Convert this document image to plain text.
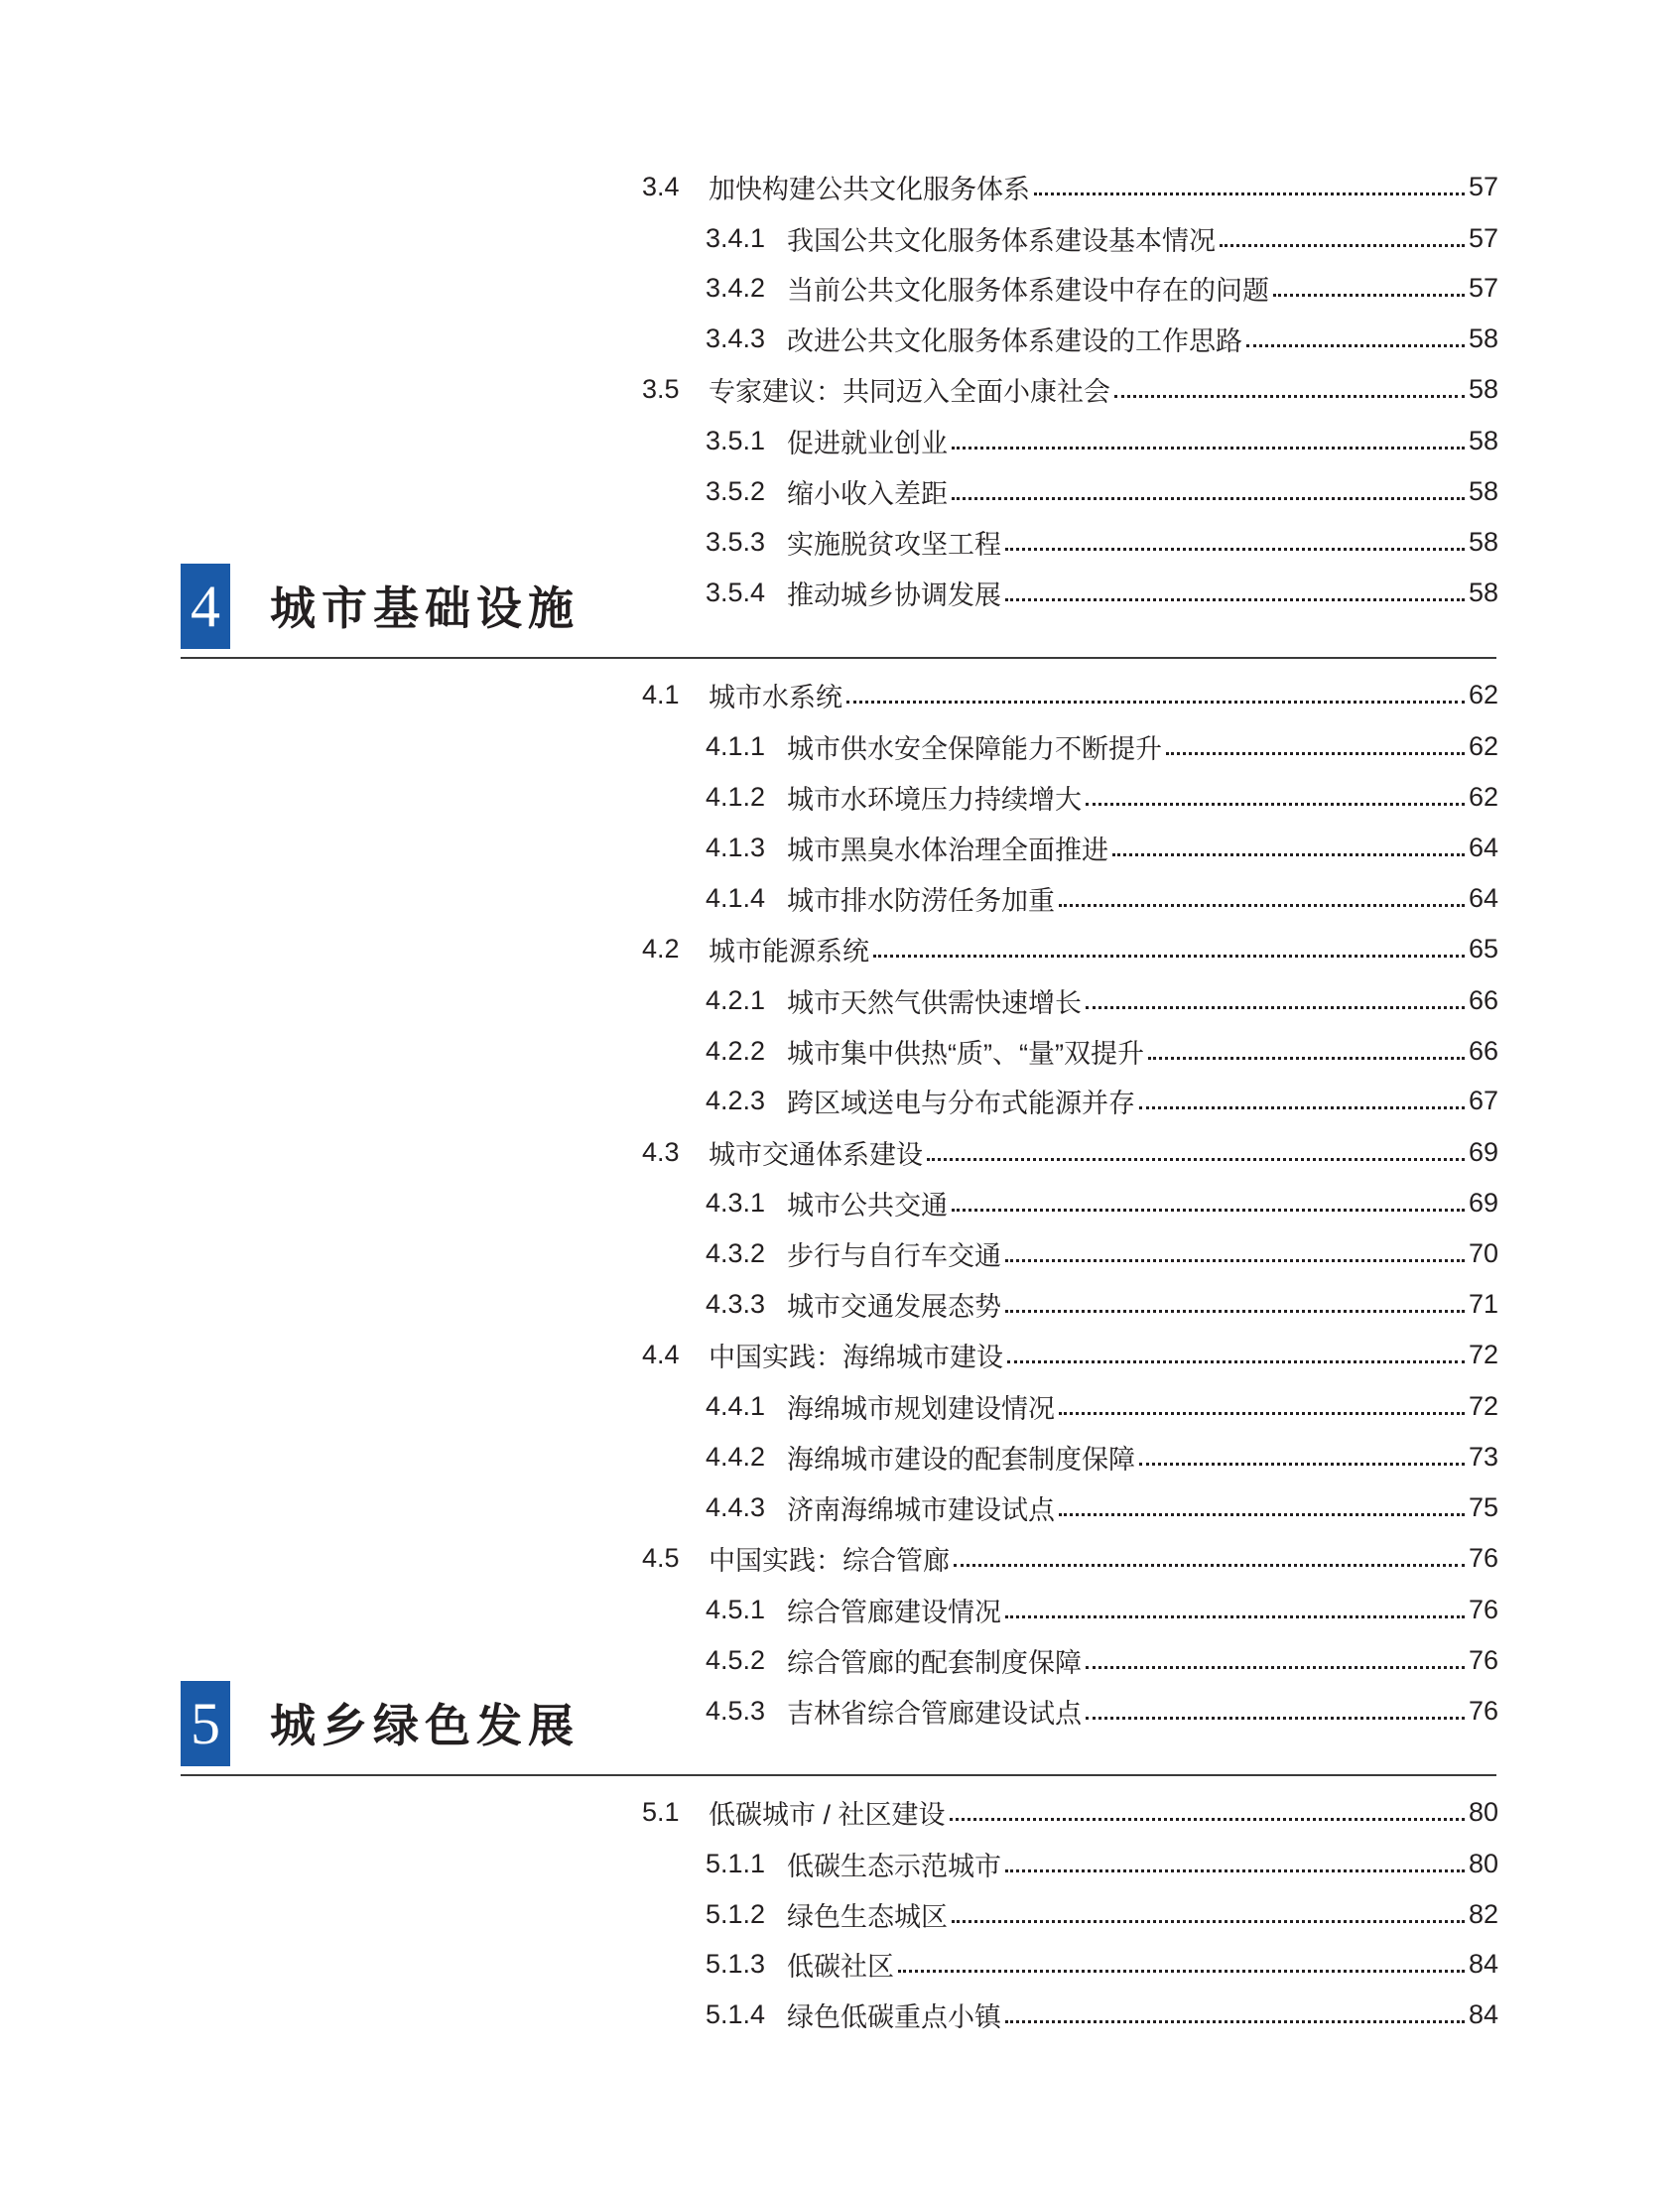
3.4	加快构建公共文化服务体系	57
3.4.1 我国公共文化服务体系建设基本情况	57
3.4.2 当前公共文化服务体系建设中存在的问题	57
3.4.3 改进公共文化服务体系建设的工作思路	58
3.5	专家建议：共同迈入全面小康社会	58
3.5.1 促进就业创业	58
3.5.2 缩小收入差距	58
3.5.3 实施脱贫攻坚工程	58
3.5.4 推动城乡协调发展	58
4 城市基础设施
4.1	城市水系统	62
4.1.1 城市供水安全保障能力不断提升	62
4.1.2 城市水环境压力持续增大	62
4.1.3 城市黑臭水体治理全面推进	64
4.1.4 城市排水防涝任务加重	64
4.2	城市能源系统	65
4.2.1 城市天然气供需快速增长	66
4.2.2 城市集中供热“质”、“量”双提升	66
4.2.3 跨区域送电与分布式能源并存	67
4.3	城市交通体系建设	69
4.3.1 城市公共交通	69
4.3.2 步行与自行车交通	70
4.3.3 城市交通发展态势	71
4.4	中国实践：海绵城市建设	72
4.4.1 海绵城市规划建设情况	72
4.4.2 海绵城市建设的配套制度保障	73
4.4.3 济南海绵城市建设试点	75
4.5	中国实践：综合管廊	76
4.5.1 综合管廊建设情况	76
4.5.2 综合管廊的配套制度保障	76
4.5.3 吉林省综合管廊建设试点	76
5 城乡绿色发展
5.1	低碳城市 / 社区建设	80
5.1.1 低碳生态示范城市	80
5.1.2 绿色生态城区	82
5.1.3 低碳社区	84
5.1.4 绿色低碳重点小镇	84
